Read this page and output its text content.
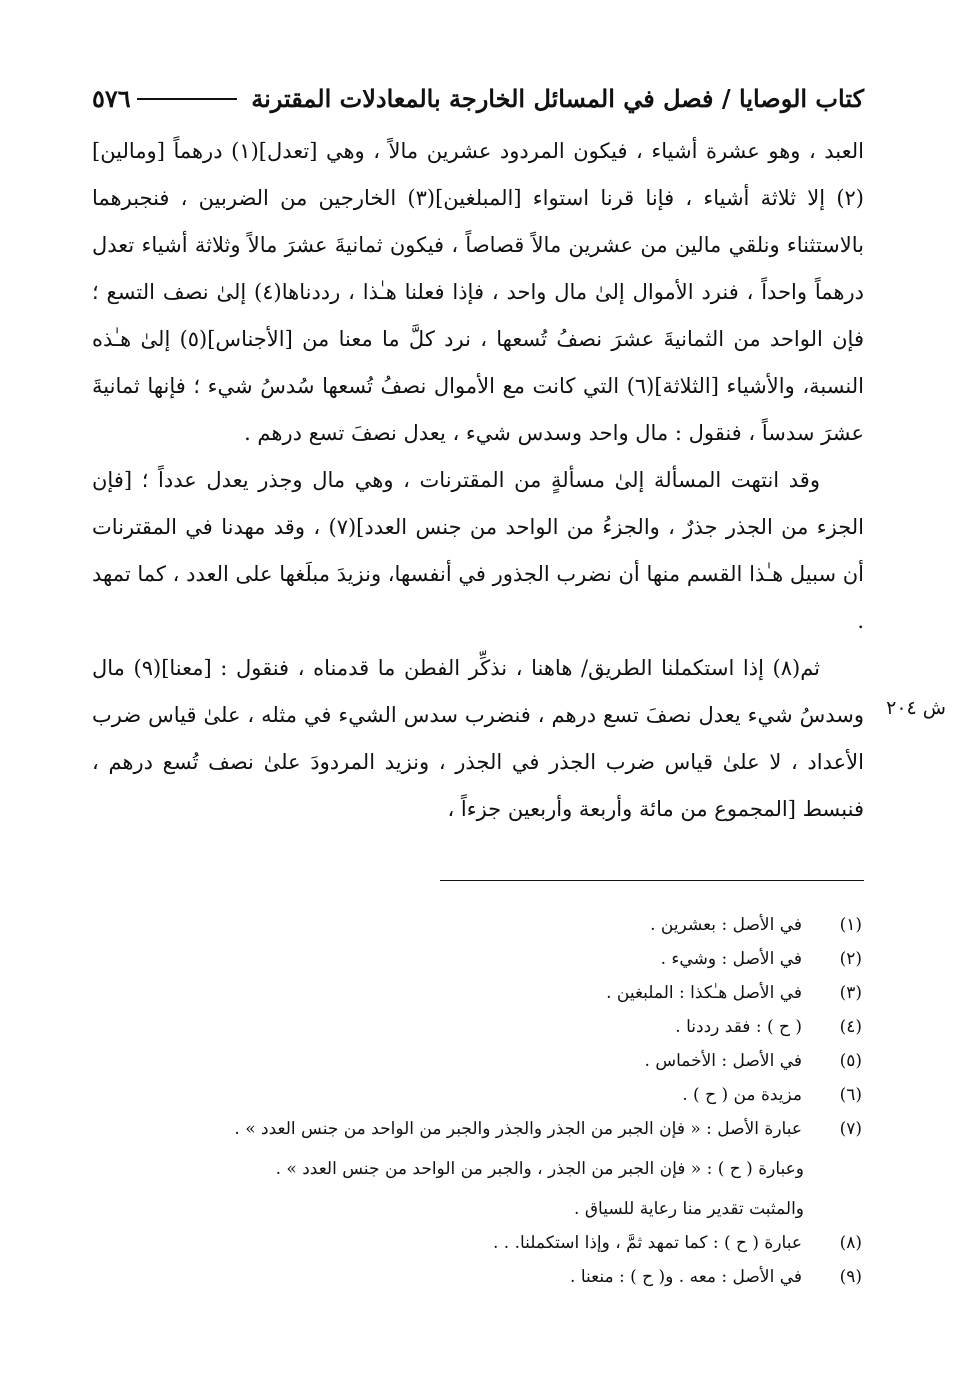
كتاب الوصايا / فصل في المسائل الخارجة بالمعادلات المقترنة
٥٧٦

العبد ، وهو عشرة أشياء ، فيكون المردود عشرين مالاً ، وهي [تعدل](١) درهماً [ومالين](٢) إلا ثلاثة أشياء ، فإنا قرنا استواء [المبلغين](٣) الخارجين من الضربين ، فنجبرهما بالاستثناء ونلقي مالين من عشرين مالاً قصاصاً ، فيكون ثمانيةَ عشرَ مالاً وثلاثة أشياء تعدل درهماً واحداً ، فنرد الأموال إلىٰ مال واحد ، فإذا فعلنا هـٰذا ، رددناها(٤) إلىٰ نصف التسع ؛ فإن الواحد من الثمانيةَ عشرَ نصفُ تُسعها ، نرد كلَّ ما معنا من [الأجناس](٥) إلىٰ هـٰذه النسبة، والأشياء [الثلاثة](٦) التي كانت مع الأموال نصفُ تُسعها سُدسُ شيء ؛ فإنها ثمانيةَ عشرَ سدساً ، فنقول : مال واحد وسدس شيء ، يعدل نصفَ تسع درهم .

وقد انتهت المسألة إلىٰ مسألةٍ من المقترنات ، وهي مال وجذر يعدل عدداً ؛ [فإن الجزء من الجذر جذرٌ ، والجزءُ من الواحد من جنس العدد](٧) ، وقد مهدنا في المقترنات أن سبيل هـٰذا القسم منها أن نضرب الجذور في أنفسها، ونزيدَ مبلَغها على العدد ، كما تمهد .

ثم(٨) إذا استكملنا الطريق/ هاهنا ، نذكِّر الفطن ما قدمناه ، فنقول : [معنا](٩) مال وسدسُ شيء يعدل نصفَ تسع درهم ، فنضرب سدس الشيء في مثله ، علىٰ قياس ضرب الأعداد ، لا علىٰ قياس ضرب الجذر في الجذر ، ونزيد المردودَ علىٰ نصف تُسع درهم ، فنبسط [المجموع من مائة وأربعة وأربعين جزءاً ،

ش ٢٠٤
(١)
في الأصل : بعشرين .
(٢)
في الأصل : وشيء .
(٣)
في الأصل هـٰكذا : الملبغين .
(٤)
( ح ) : فقد رددنا .
(٥)
في الأصل : الأخماس .
(٦)
مزيدة من ( ح ) .
(٧)
عبارة الأصل : « فإن الجبر من الجذر والجذر والجبر من الواحد من جنس العدد » .
وعبارة ( ح ) : « فإن الجبر من الجذر ، والجبر من الواحد من جنس العدد » .
والمثبت تقدير منا رعاية للسياق .
(٨)
عبارة ( ح ) : كما تمهد ثمَّ ، وإذا استكملنا. . .
(٩)
في الأصل : معه . و( ح ) : منعنا .
